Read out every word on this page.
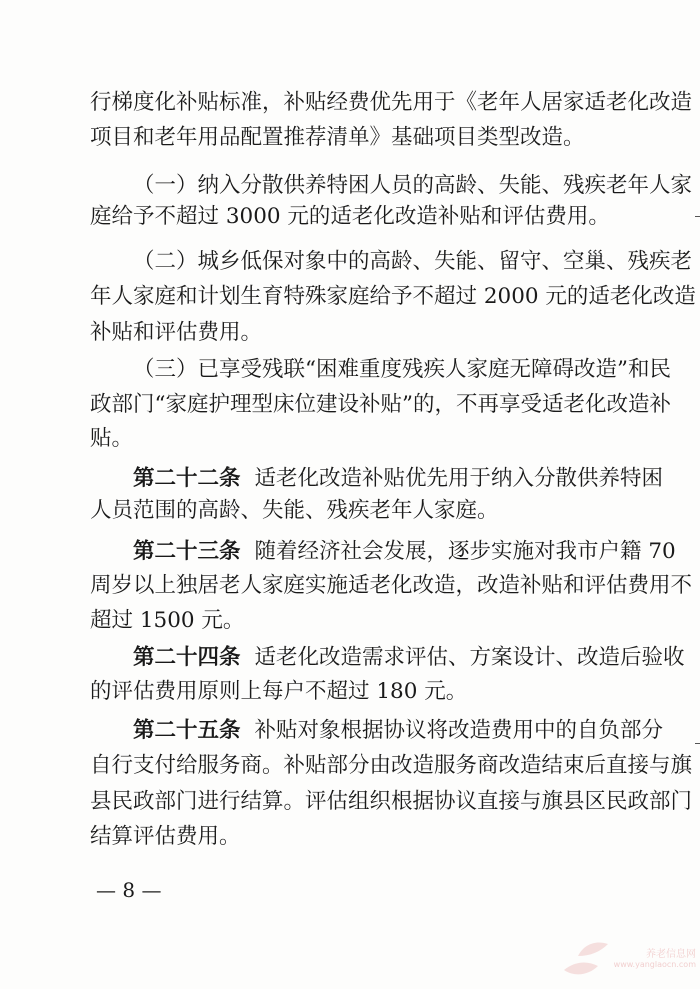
行梯度化补贴标准，补贴经费优先用于《老年人居家适老化改造
项目和老年用品配置推荐清单》基础项目类型改造。
（一）纳入分散供养特困人员的高龄、失能、残疾老年人家
庭给予不超过 3000 元的适老化改造补贴和评估费用。
（二）城乡低保对象中的高龄、失能、留守、空巢、残疾老
年人家庭和计划生育特殊家庭给予不超过 2000 元的适老化改造
补贴和评估费用。
（三）已享受残联“困难重度残疾人家庭无障碍改造”和民
政部门“家庭护理型床位建设补贴”的，不再享受适老化改造补
贴。
第二十二条 适老化改造补贴优先用于纳入分散供养特困
人员范围的高龄、失能、残疾老年人家庭。
第二十三条 随着经济社会发展，逐步实施对我市户籍 70
周岁以上独居老人家庭实施适老化改造，改造补贴和评估费用不
超过 1500 元。
第二十四条 适老化改造需求评估、方案设计、改造后验收
的评估费用原则上每户不超过 180 元。
第二十五条 补贴对象根据协议将改造费用中的自负部分
自行支付给服务商。补贴部分由改造服务商改造结束后直接与旗
县民政部门进行结算。评估组织根据协议直接与旗县区民政部门
结算评估费用。
— 8 —
养老信息网
www.yanglaocn.com
